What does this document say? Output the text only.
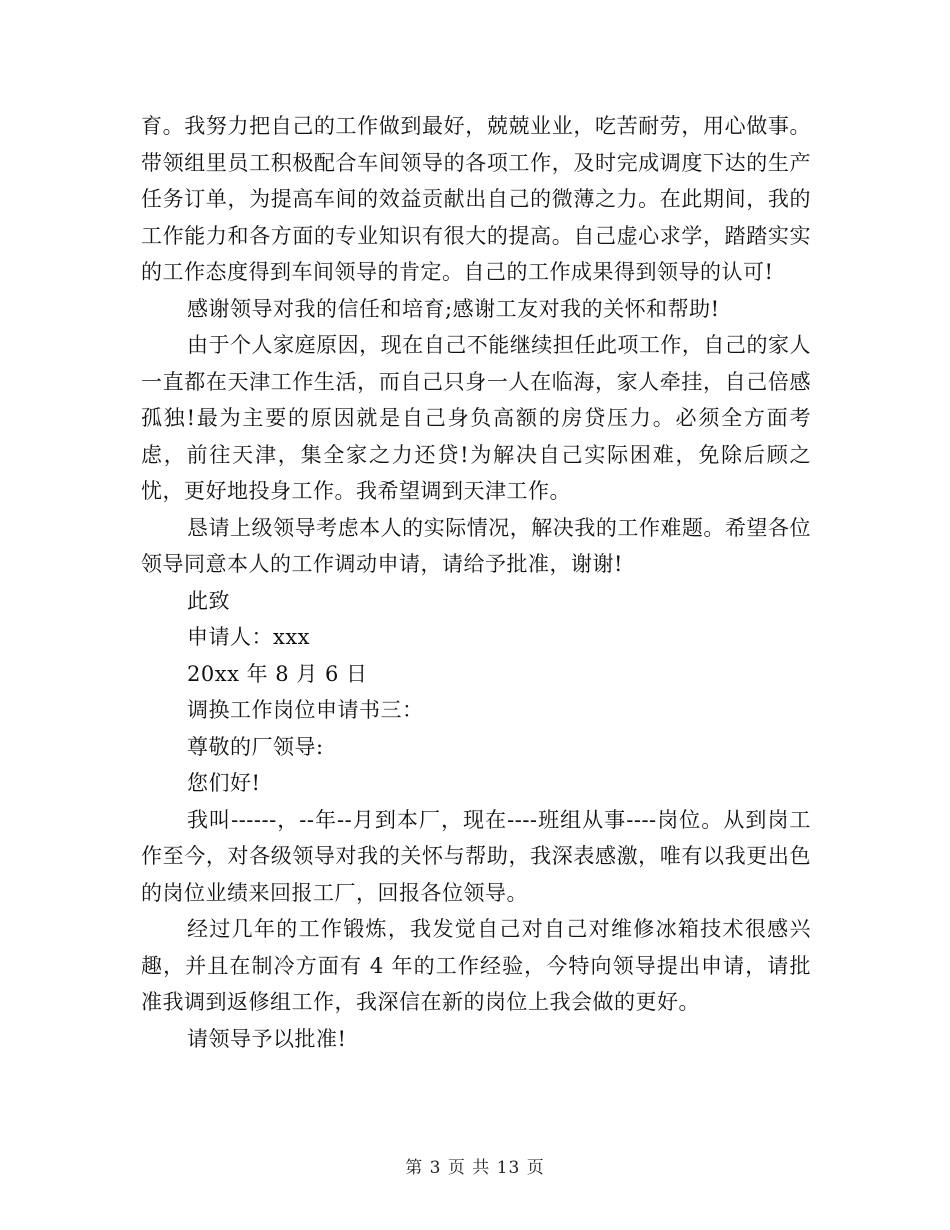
育。我努力把自己的工作做到最好，兢兢业业，吃苦耐劳，用心做事。带领组里员工积极配合车间领导的各项工作，及时完成调度下达的生产任务订单，为提高车间的效益贡献出自己的微薄之力。在此期间，我的工作能力和各方面的专业知识有很大的提高。自己虚心求学，踏踏实实的工作态度得到车间领导的肯定。自己的工作成果得到领导的认可!

感谢领导对我的信任和培育;感谢工友对我的关怀和帮助!

由于个人家庭原因，现在自己不能继续担任此项工作，自己的家人一直都在天津工作生活，而自己只身一人在临海，家人牵挂，自己倍感孤独!最为主要的原因就是自己身负高额的房贷压力。必须全方面考虑，前往天津，集全家之力还贷!为解决自己实际困难，免除后顾之忧，更好地投身工作。我希望调到天津工作。

恳请上级领导考虑本人的实际情况，解决我的工作难题。希望各位领导同意本人的工作调动申请，请给予批准，谢谢!

此致

申请人：xxx

20xx 年 8 月 6 日

调换工作岗位申请书三：

尊敬的厂领导:

您们好!

我叫------，--年--月到本厂，现在----班组从事----岗位。从到岗工作至今，对各级领导对我的关怀与帮助，我深表感激，唯有以我更出色的岗位业绩来回报工厂，回报各位领导。

经过几年的工作锻炼，我发觉自己对自己对维修冰箱技术很感兴趣，并且在制冷方面有 4 年的工作经验，今特向领导提出申请，请批准我调到返修组工作，我深信在新的岗位上我会做的更好。

请领导予以批准!

第 3 页 共 13 页
